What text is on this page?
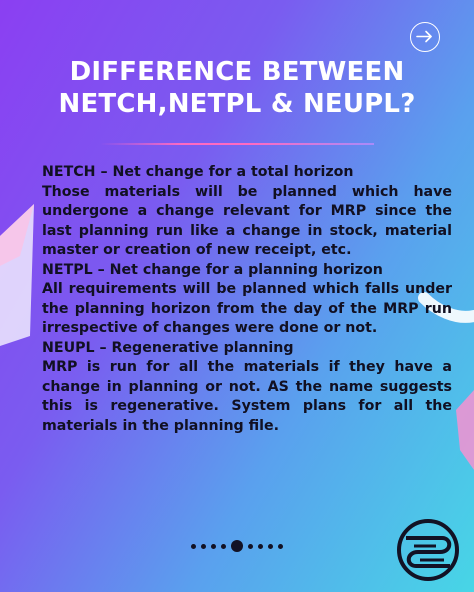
DIFFERENCE BETWEEN
NETCH,NETPL & NEUPL?
NETCH – Net change for a total horizon
Those materials will be planned which have undergone a change relevant for MRP since the last planning run like a change in stock, material master or creation of new receipt, etc.
NETPL – Net change for a planning horizon
All requirements will be planned which falls under the planning horizon from the day of the MRP run irrespective of changes were done or not.
NEUPL – Regenerative planning
MRP is run for all the materials if they have a change in planning or not. AS the name suggests this is regenerative. System plans for all the materials in the planning file.
